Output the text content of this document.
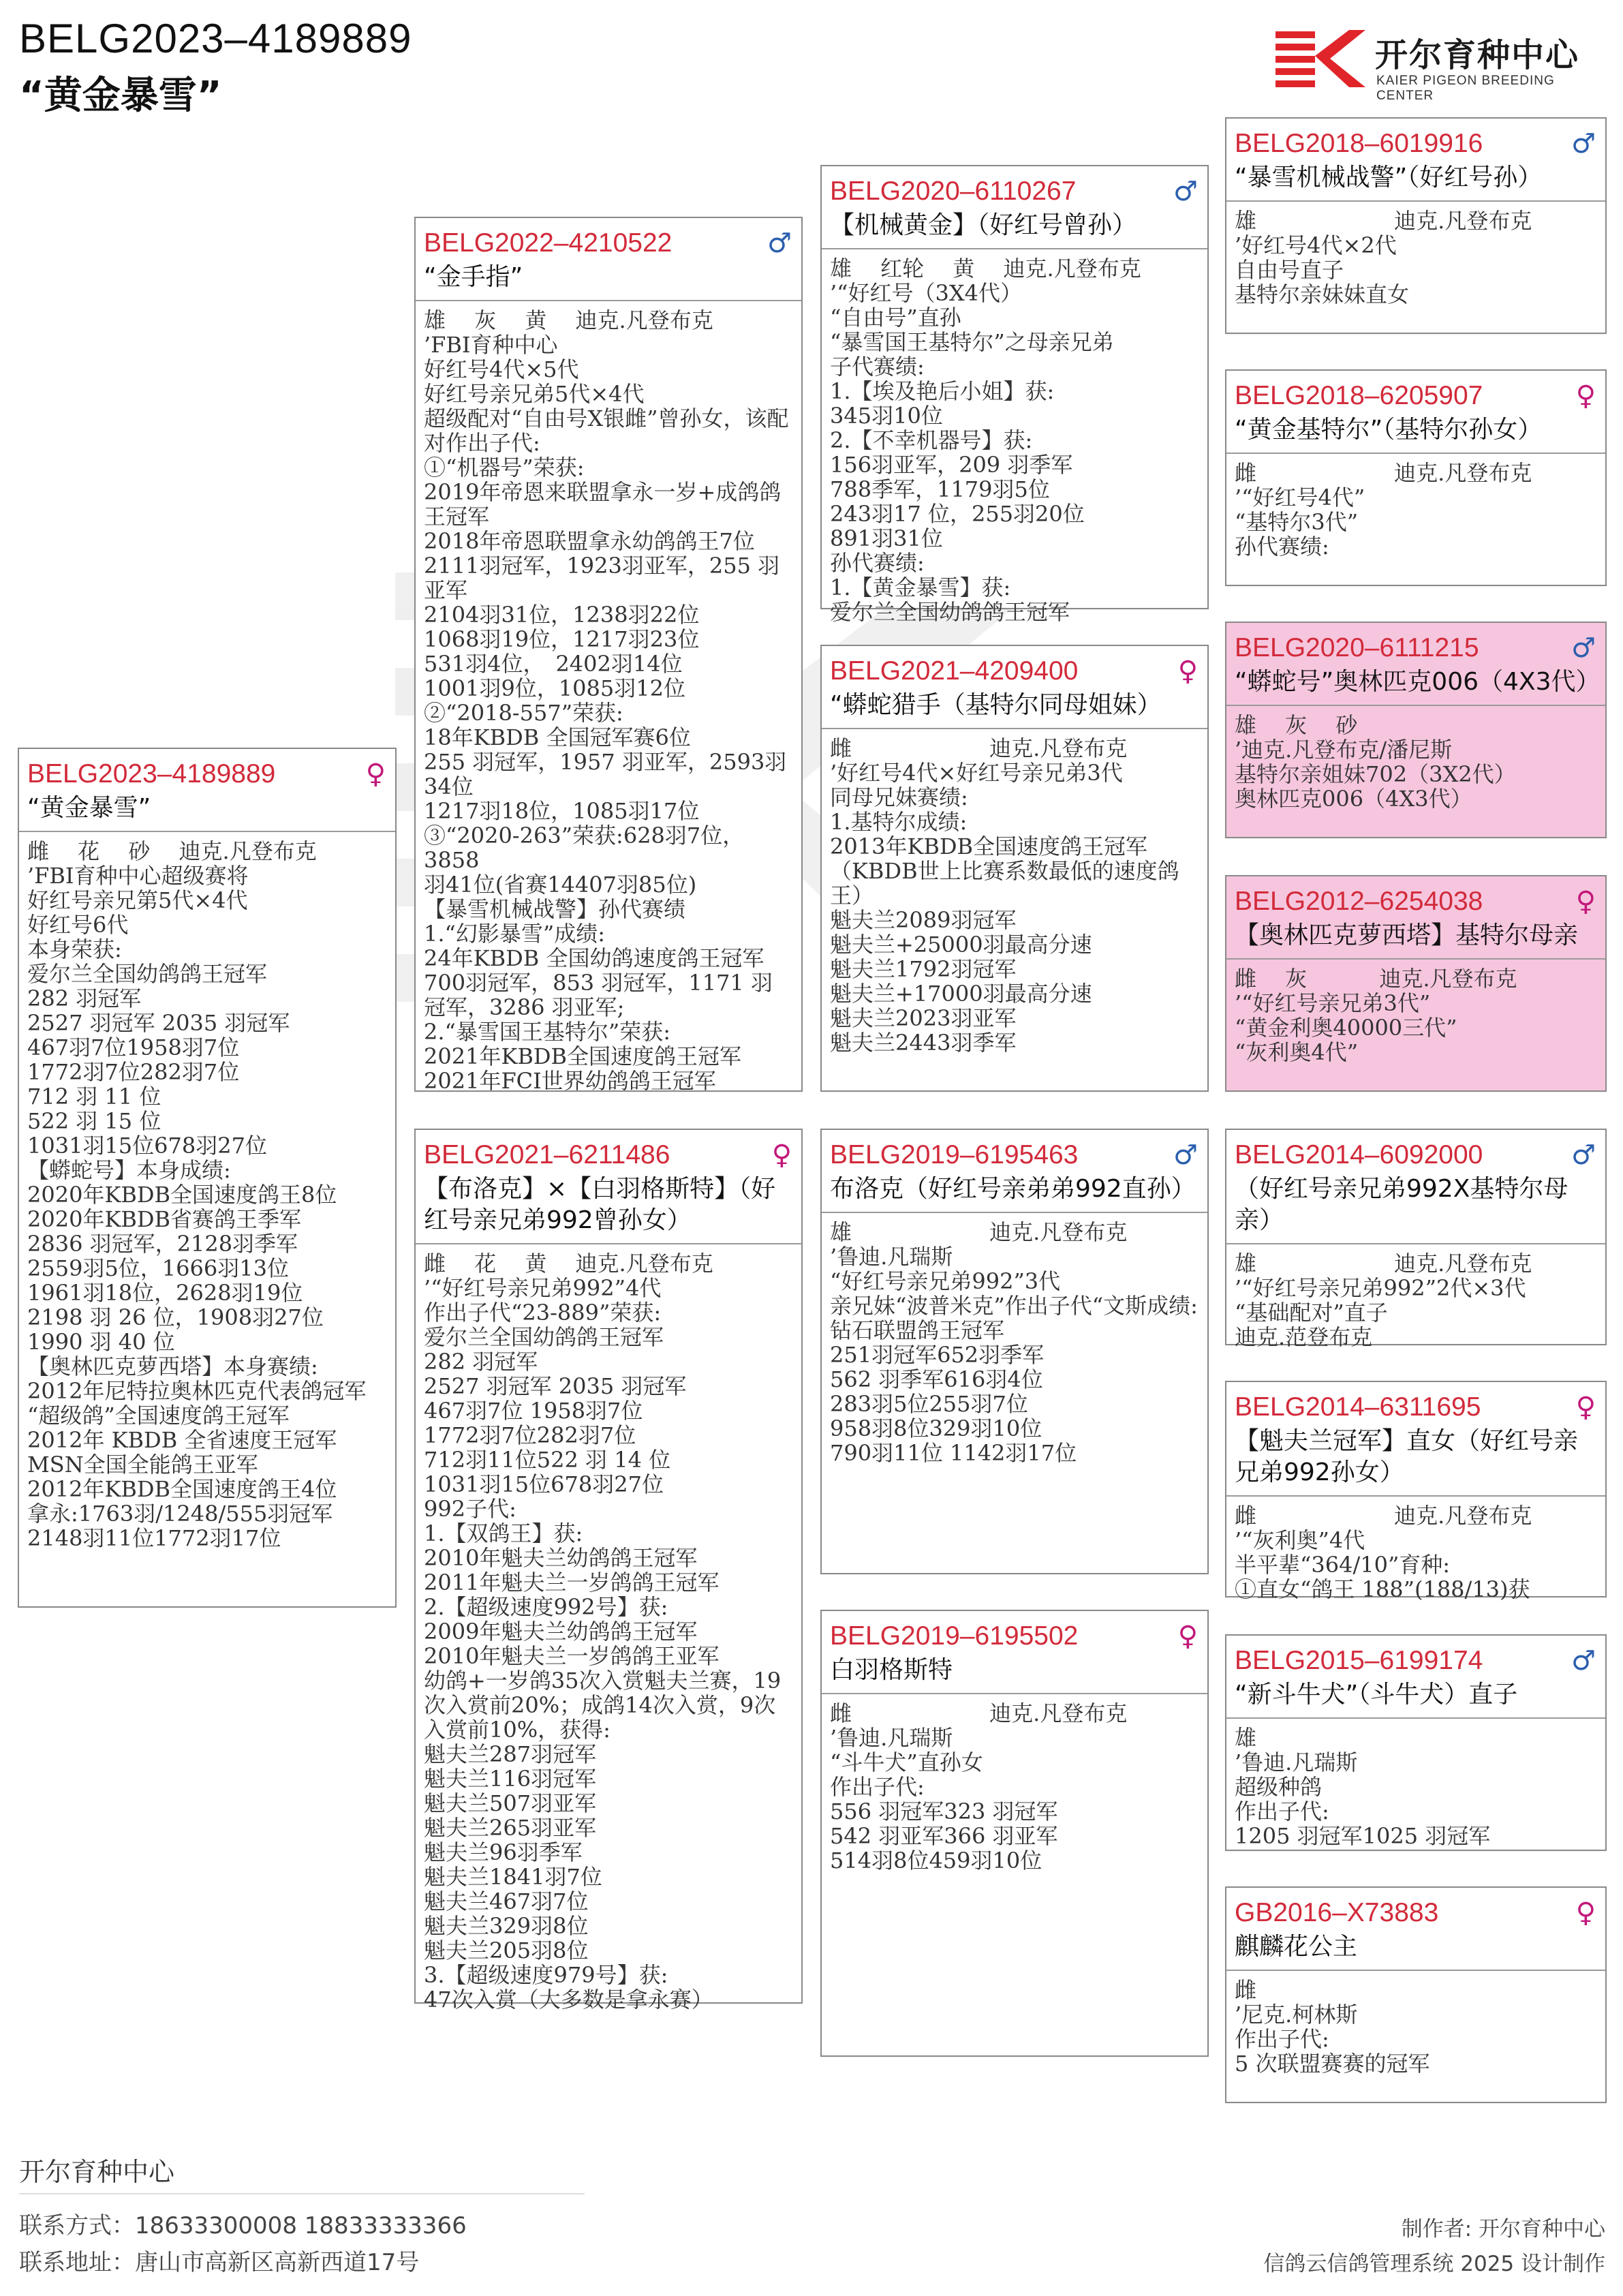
BELG2023–4189889
“黄金暴雪”
开尔育种中心
KAIER PIGEON BREEDING CENTER
BELG2023–4189889	♀
“黄金暴雪”
雌　 花　 砂　 迪克.凡登布克
’FBI育种中心超级赛将
好红号亲兄第5代×4代
好红号6代
本身荣获:
爱尔兰全国幼鸽鸽王冠军
282 羽冠军
2527 羽冠军 2035 羽冠军
467羽7位1958羽7位
1772羽7位282羽7位
712 羽 11 位
522 羽 15 位
1031羽15位678羽27位
【蟒蛇号】本身成绩:
2020年KBDB全国速度鸽王8位
2020年KBDB省赛鸽王季军
2836 羽冠军，2128羽季军
2559羽5位，1666羽13位
1961羽18位，2628羽19位
2198 羽 26 位，1908羽27位
1990 羽 40 位
【奥林匹克萝西塔】本身赛绩:
2012年尼特拉奥林匹克代表鸽冠军
“超级鸽”全国速度鸽王冠军
2012年 KBDB 全省速度王冠军
MSN全国全能鸽王亚军
2012年KBDB全国速度鸽王4位
拿永:1763羽/1248/555羽冠军
2148羽11位1772羽17位
BELG2022–4210522	♂
“金手指”
雄　 灰　 黄　 迪克.凡登布克
’FBI育种中心
好红号4代×5代
好红号亲兄弟5代×4代
超级配对“自由号X银雌”曾孙女，该配对作出子代:
①“机器号”荣获:
2019年帝恩来联盟拿永一岁+成鸽鸽王冠军
2018年帝恩联盟拿永幼鸽鸽王7位
2111羽冠军，1923羽亚军，255 羽亚军
2104羽31位，1238羽22位
1068羽19位，1217羽23位
531羽4位，　2402羽14位
1001羽9位，1085羽12位
②“2018-557”荣获:
18年KBDB 全国冠军赛6位
255 羽冠军，1957 羽亚军，2593羽34位
1217羽18位，1085羽17位
③“2020-263”荣获:628羽7位，3858
羽41位(省赛14407羽85位)
【暴雪机械战警】孙代赛绩
1.“幻影暴雪”成绩:
24年KBDB 全国幼鸽速度鸽王冠军
700羽冠军，853 羽冠军，1171 羽冠军，3286 羽亚军;
2.“暴雪国王基特尔”荣获:
2021年KBDB全国速度鸽王冠军
2021年FCI世界幼鸽鸽王冠军
BELG2021–6211486	♀
【布洛克】×【白羽格斯特】（好红号亲兄弟992曾孙女）
雌　 花　 黄　 迪克.凡登布克
’“好红号亲兄弟992”4代
作出子代“23-889”荣获:
爱尔兰全国幼鸽鸽王冠军
282 羽冠军
2527 羽冠军 2035 羽冠军
467羽7位 1958羽7位
1772羽7位282羽7位
712羽11位522 羽 14 位
1031羽15位678羽27位
992子代:
1.【双鸽王】获:
2010年魁夫兰幼鸽鸽王冠军
2011年魁夫兰一岁鸽鸽王冠军
2.【超级速度992号】获:
2009年魁夫兰幼鸽鸽王冠军
2010年魁夫兰一岁鸽鸽王亚军
幼鸽+一岁鸽35次入赏魁夫兰赛，19次入赏前20%；成鸽14次入赏，9次入赏前10%，获得:
魁夫兰287羽冠军
魁夫兰116羽冠军
魁夫兰507羽亚军
魁夫兰265羽亚军
魁夫兰96羽季军
魁夫兰1841羽7位
魁夫兰467羽7位
魁夫兰329羽8位
魁夫兰205羽8位
3.【超级速度979号】获:
47次入赏（大多数是拿永赛）
BELG2020–6110267	♂
【机械黄金】（好红号曾孙）
雄　 红轮　 黄　 迪克.凡登布克
’“好红号（3X4代）
“自由号”直孙
“暴雪国王基特尔”之母亲兄弟
子代赛绩:
1.【埃及艳后小姐】获:
345羽10位
2.【不幸机器号】获:
156羽亚军，209 羽季军
788季军，1179羽5位
243羽17 位，255羽20位
891羽31位
孙代赛绩:
1.【黄金暴雪】获:
爱尔兰全国幼鸽鸽王冠军
BELG2021–4209400	♀
“蟒蛇猎手（基特尔同母姐妹）
雌　　　　　　 迪克.凡登布克
’好红号4代×好红号亲兄弟3代
同母兄妹赛绩:
1.基特尔成绩:
2013年KBDB全国速度鸽王冠军
（KBDB世上比赛系数最低的速度鸽王）
魁夫兰2089羽冠军
魁夫兰+25000羽最高分速
魁夫兰1792羽冠军
魁夫兰+17000羽最高分速
魁夫兰2023羽亚军
魁夫兰2443羽季军
BELG2019–6195463	♂
布洛克（好红号亲弟弟992直孙）
雄　　　　　　 迪克.凡登布克
’鲁迪.凡瑞斯
“好红号亲兄弟992”3代
亲兄妹“波普米克”作出子代“文斯成绩:
钻石联盟鸽王冠军
251羽冠军652羽季军
562 羽季军616羽4位
283羽5位255羽7位
958羽8位329羽10位
790羽11位 1142羽17位
BELG2019–6195502	♀
白羽格斯特
雌　　　　　　 迪克.凡登布克
’鲁迪.凡瑞斯
“斗牛犬”直孙女
作出子代:
556 羽冠军323 羽冠军
542 羽亚军366 羽亚军
514羽8位459羽10位
BELG2018–6019916	♂
“暴雪机械战警”（好红号孙）
雄　　　　　　 迪克.凡登布克
’好红号4代×2代
自由号直子
基特尔亲妹妹直女
BELG2018–6205907	♀
“黄金基特尔”（基特尔孙女）
雌　　　　　　 迪克.凡登布克
’“好红号4代”
“基特尔3代”
孙代赛绩:
BELG2020–6111215	♂
“蟒蛇号”奥林匹克006（4X3代）
雄　 灰　 砂
’迪克.凡登布克/潘尼斯
基特尔亲姐妹702（3X2代）
奥林匹克006（4X3代）
BELG2012–6254038	♀
【奥林匹克萝西塔】基特尔母亲
雌　 灰　　　 迪克.凡登布克
’“好红号亲兄弟3代”
“黄金利奥40000三代”
“灰利奥4代”
BELG2014–6092000	♂
（好红号亲兄弟992X基特尔母亲）
雄　　　　　　 迪克.凡登布克
’“好红号亲兄弟992”2代×3代
“基础配对”直子
迪克.范登布克
BELG2014–6311695	♀
【魁夫兰冠军】直女（好红号亲兄弟992孙女）
雌　　　　　　 迪克.凡登布克
’“灰利奥”4代
半平辈“364/10”育种:
①直女“鸽王 188”(188/13)获
BELG2015–6199174	♂
“新斗牛犬”（斗牛犬）直子
雄
’鲁迪.凡瑞斯
超级种鸽
作出子代:
1205 羽冠军1025 羽冠军
GB2016–X73883	♀
麒麟花公主
雌
’尼克.柯林斯
作出子代:
5 次联盟赛赛的冠军
开尔育种中心
联系方式：18633300008 18833333366
联系地址：唐山市高新区高新西道17号
制作者: 开尔育种中心
信鸽云信鸽管理系统 2025 设计制作
